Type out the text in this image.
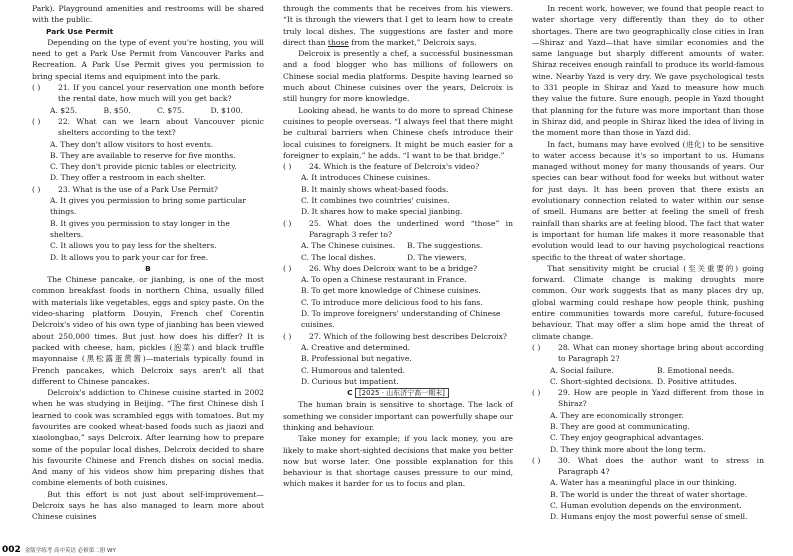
Park). Playground amenities and restrooms will be shared with the public.

Park Use Permit

Depending on the type of event you're hosting, you will need to get a Park Use Permit from Vancouver Parks and Recreation. A Park Use Permit gives you permission to bring special items and equipment into the park.

( ) 21. If you cancel your reservation one month before the rental date, how much will you get back?

A. $25.	B. $50.	C. $75.	D. $100.

( ) 22. What can we learn about Vancouver picnic shelters according to the text?

A. They don't allow visitors to host events.

B. They are available to reserve for five months.

C. They don't provide picnic tables or electricity.

D. They offer a restroom in each shelter.

( ) 23. What is the use of a Park Use Permit?

A. It gives you permission to bring some particular things.

B. It gives you permission to stay longer in the shelters.

C. It allows you to pay less for the shelters.

D. It allows you to park your car for free.

B

The Chinese pancake, or jianbing, is one of the most common breakfast foods in northern China, usually filled with materials like vegetables, eggs and spicy paste. On the video-sharing platform Douyin, French chef Corentin Delcroix's video of his own type of jianbing has been viewed about 250,000 times. But just how does his differ? It is packed with cheese, ham, pickles (泡菜) and black truffle mayonnaise (黑松露蛋黄酱)—materials typically found in French pancakes, which Delcroix says aren't all that different to Chinese pancakes.

Delcroix's addiction to Chinese cuisine started in 2002 when he was studying in Beijing. “The first Chinese dish I learned to cook was scrambled eggs with tomatoes. But my favourites are cooked wheat-based foods such as jiaozi and xiaolongbao,” says Delcroix. After learning how to prepare some of the popular local dishes, Delcroix decided to share his favourite Chinese and French dishes on social media. And many of his videos show him preparing dishes that combine elements of both cuisines.

But this effort is not just about self-improvement—Delcroix says he has also managed to learn more about Chinese cuisines

through the comments that he receives from his viewers. “It is through the viewers that I get to learn how to create truly local dishes. The suggestions are faster and more direct than those from the market,” Delcroix says.

Delcroix is presently a chef, a successful businessman and a food blogger who has millions of followers on Chinese social media platforms. Despite having learned so much about Chinese cuisines over the years, Delcroix is still hungry for more knowledge.

Looking ahead, he wants to do more to spread Chinese cuisines to people overseas. “I always feel that there might be cultural barriers when Chinese chefs introduce their local cuisines to foreigners. It might be much easier for a foreigner to explain,” he adds. “I want to be that bridge.”

( ) 24. Which is the feature of Delcroix's video?

A. It introduces Chinese cuisines.

B. It mainly shows wheat-based foods.

C. It combines two countries' cuisines.

D. It shares how to make special jianbing.

( ) 25. What does the underlined word “those” in Paragraph 3 refer to?

A. The Chinese cuisines.	B. The suggestions.

C. The local dishes.	D. The viewers.

( ) 26. Why does Delcroix want to be a bridge?

A. To open a Chinese restaurant in France.

B. To get more knowledge of Chinese cuisines.

C. To introduce more delicious food to his fans.

D. To improve foreigners' understanding of Chinese cuisines.

( ) 27. Which of the following best describes Delcroix?

A. Creative and determined.

B. Professional but negative.

C. Humorous and talented.

D. Curious but impatient.

C [2025 · 山东济宁高一期末]

The human brain is sensitive to shortage. The lack of something we consider important can powerfully shape our thinking and behaviour.

Take money for example; if you lack money, you are likely to make short-sighted decisions that make you better now but worse later. One possible explanation for this behaviour is that shortage causes pressure to our mind, which makes it harder for us to focus and plan.

In recent work, however, we found that people react to water shortage very differently than they do to other shortages. There are two geographically close cities in Iran—Shiraz and Yazd—that have similar economies and the same language but sharply different amounts of water. Shiraz receives enough rainfall to produce its world-famous wine. Nearby Yazd is very dry. We gave psychological tests to 331 people in Shiraz and Yazd to measure how much they value the future. Sure enough, people in Yazd thought that planning for the future was more important than those in Shiraz did, and people in Shiraz liked the idea of living in the moment more than those in Yazd did.

In fact, humans may have evolved (进化) to be sensitive to water access because it's so important to us. Humans managed without money for many thousands of years. Our species can bear without food for weeks but without water for just days. It has been proven that there exists an evolutionary connection related to water within our sense of smell. Humans are better at feeling the smell of fresh rainfall than sharks are at feeling blood. The fact that water is important for human life makes it more reasonable that evolution would lead to our having psychological reactions specific to the threat of water shortage.

That sensitivity might be crucial (至关重要的) going forward. Climate change is making droughts more common. Our work suggests that as many places dry up, global warming could reshape how people think, pushing entire communities towards more careful, future-focused behaviour. That may offer a slim hope amid the threat of climate change.

( ) 28. What can money shortage bring about according to Paragraph 2?

A. Social failure.	B. Emotional needs.

C. Short-sighted decisions. D. Positive attitudes.

( ) 29. How are people in Yazd different from those in Shiraz?

A. They are economically stronger.

B. They are good at communicating.

C. They enjoy geographical advantages.

D. They think more about the long term.

( ) 30. What does the author want to stress in Paragraph 4?

A. Water has a meaningful place in our thinking.

B. The world is under the threat of water shortage.

C. Human evolution depends on the environment.

D. Humans enjoy the most powerful sense of smell.

002 金版学练考 高中英语 必修第二册 WY
